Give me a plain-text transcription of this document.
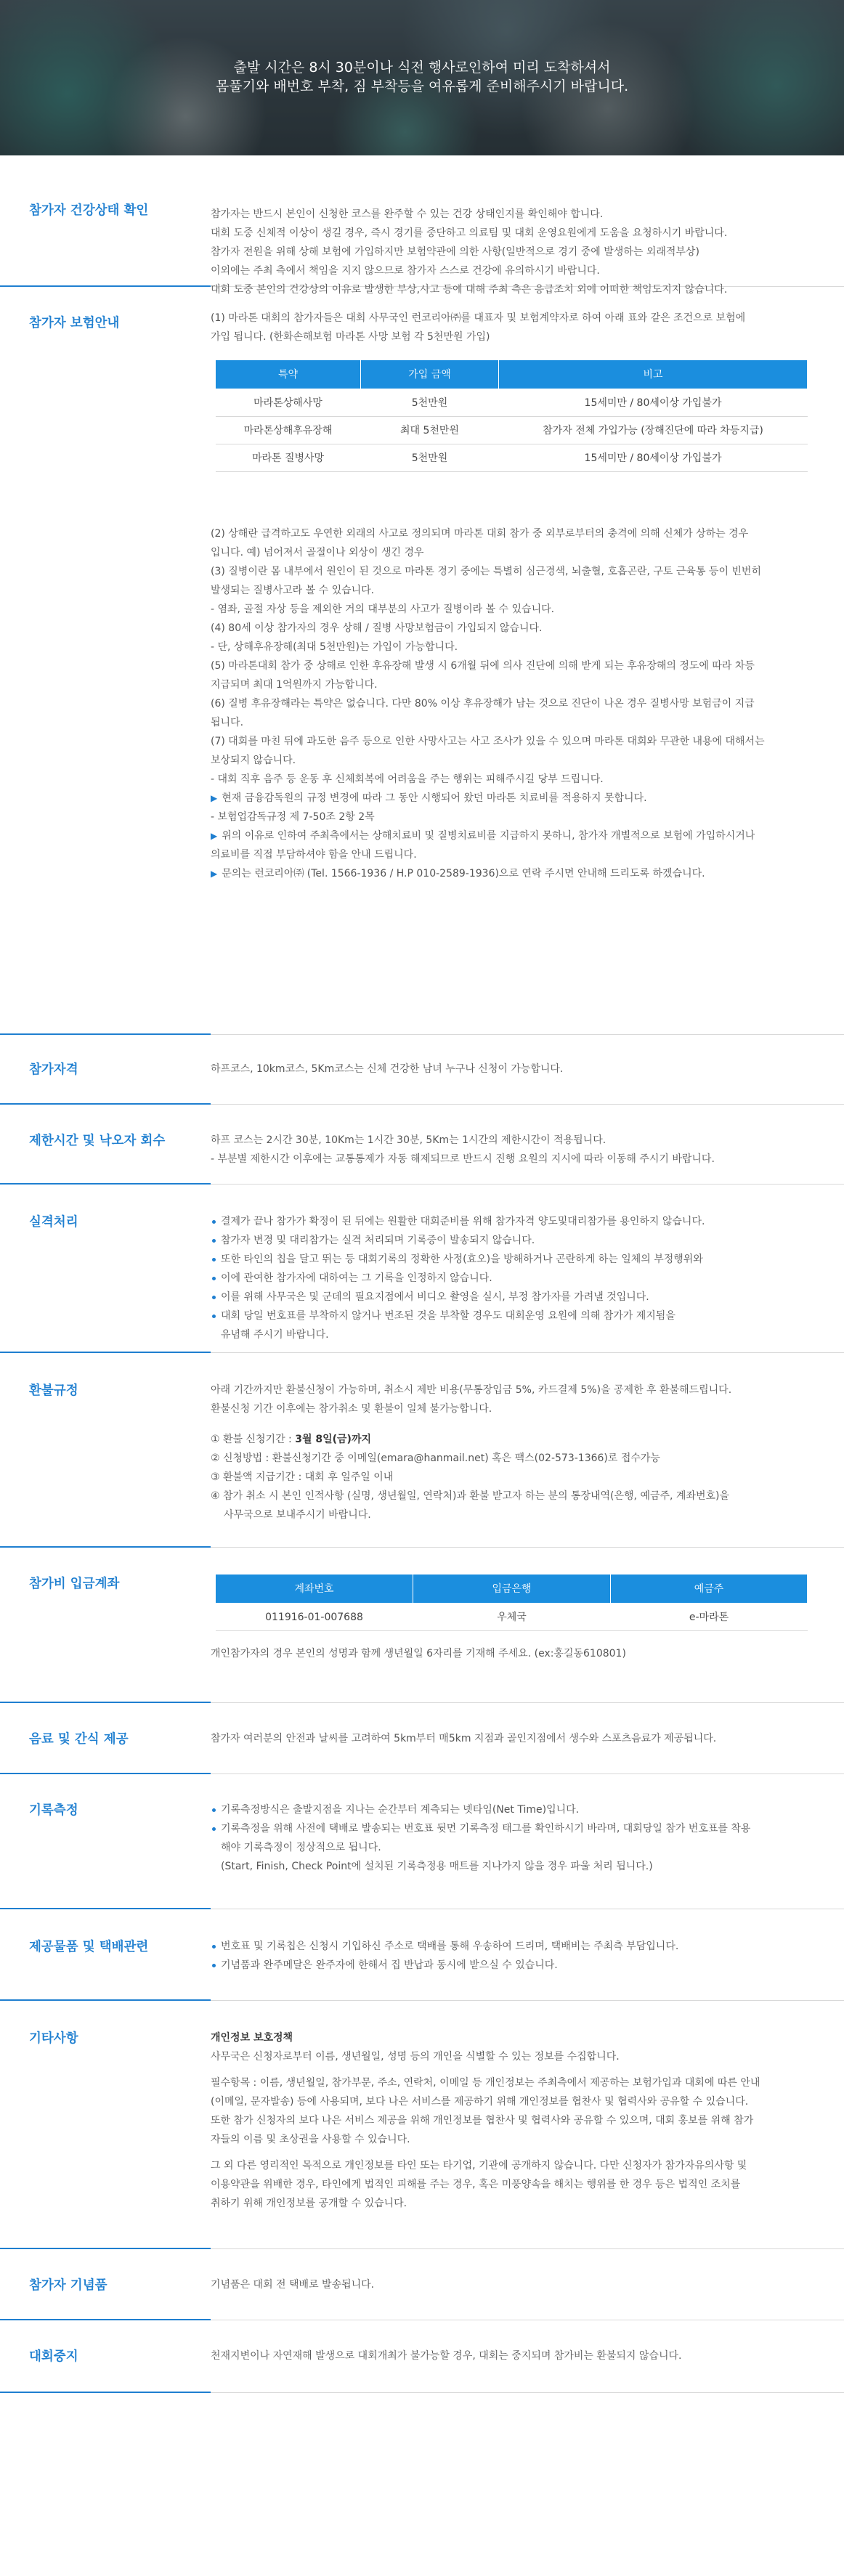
출발 시간은 8시 30분이나 식전 행사로인하여 미리 도착하셔서
몸풀기와 배번호 부착, 짐 부착등을 여유롭게 준비해주시기 바랍니다.
참가자 건강상태 확인	참가자는 반드시 본인이 신청한 코스를 완주할 수 있는 건강 상태인지를 확인해야 합니다.

대회 도중 신체적 이상이 생길 경우, 즉시 경기를 중단하고 의료팀 및 대회 운영요원에게 도움을 요청하시기 바랍니다.

참가자 전원을 위해 상해 보험에 가입하지만 보험약관에 의한 사항(일반적으로 경기 중에 발생하는 외래적부상)

이외에는 주최 측에서 책임을 지지 않으므로 참가자 스스로 건강에 유의하시기 바랍니다.

대회 도중 본인의 건강상의 이유로 발생한 부상,사고 등에 대해 주최 측은 응급조치 외에 어떠한 책임도지지 않습니다.

참가자 보험안내	(1) 마라톤 대회의 참가자들은 대회 사무국인 런코리아㈜를 대표자 및 보험계약자로 하여 아래 표와 같은 조건으로 보험에

가입 됩니다. (한화손해보험 마라톤 사망 보험 각 5천만원 가입)

특약	가입 금액	비고
마라톤상해사망	5천만원	15세미만 / 80세이상 가입불가
마라톤상해후유장해	최대 5천만원	참가자 전체 가입가능 (장해진단에 따라 차등지급)
마라톤 질병사망	5천만원	15세미만 / 80세이상 가입불가

(2) 상해란 급격하고도 우연한 외래의 사고로 정의되며 마라톤 대회 참가 중 외부로부터의 충격에 의해 신체가 상하는 경우

입니다. 예) 넘어져서 골절이나 외상이 생긴 경우

(3) 질병이란 몸 내부에서 원인이 된 것으로 마라톤 경기 중에는 특별히 심근경색, 뇌출혈, 호흡곤란, 구토 근육통 등이 빈번히

발생되는 질병사고라 볼 수 있습니다.

- 염좌, 골절 자상 등을 제외한 거의 대부분의 사고가 질병이라 볼 수 있습니다.

(4) 80세 이상 참가자의 경우 상해 / 질병 사망보험금이 가입되지 않습니다.

- 단, 상해후유장해(최대 5천만원)는 가입이 가능합니다.

(5) 마라톤대회 참가 중 상해로 인한 후유장해 발생 시 6개월 뒤에 의사 진단에 의해 받게 되는 후유장해의 정도에 따라 차등

지급되며 최대 1억원까지 가능합니다.

(6) 질병 후유장해라는 특약은 없습니다. 다만 80% 이상 후유장해가 남는 것으로 진단이 나온 경우 질병사망 보험금이 지급

됩니다.

(7) 대회를 마친 뒤에 과도한 음주 등으로 인한 사망사고는 사고 조사가 있을 수 있으며 마라톤 대회와 무관한 내용에 대해서는

보상되지 않습니다.

- 대회 직후 음주 등 운동 후 신체회복에 어려움을 주는 행위는 피해주시길 당부 드립니다.

▶ 현재 금융감독원의 규정 변경에 따라 그 동안 시행되어 왔던 마라톤 치료비를 적용하지 못합니다.

- 보험업감독규정 제 7-50조 2항 2목

▶ 위의 이유로 인하여 주최측에서는 상해치료비 및 질병치료비를 지급하지 못하니, 참가자 개별적으로 보험에 가입하시거나

의료비를 직접 부담하셔야 함을 안내 드립니다.

▶ 문의는 런코리아㈜ (Tel. 1566-1936 / H.P 010-2589-1936)으로 연락 주시면 안내해 드리도록 하겠습니다.

참가자격	하프코스, 10km코스, 5Km코스는 신체 건강한 남녀 누구나 신청이 가능합니다.

제한시간 및 낙오자 회수	하프 코스는 2시간 30분, 10Km는 1시간 30분, 5Km는 1시간의 제한시간이 적용됩니다.

- 부분별 제한시간 이후에는 교통통제가 자동 해제되므로 반드시 진행 요원의 지시에 따라 이동해 주시기 바랍니다.

실격처리	결제가 끝나 참가가 확정이 된 뒤에는 원활한 대회준비를 위해 참가자격 양도및대리참가를 용인하지 않습니다.

참가자 변경 및 대리참가는 실격 처리되며 기록증이 발송되지 않습니다.

또한 타인의 칩을 달고 뛰는 등 대회기록의 정확한 사정(효오)을 방해하거나 곤란하게 하는 일체의 부정행위와

이에 관여한 참가자에 대하여는 그 기록을 인정하지 않습니다.

이를 위해 사무국은 및 군데의 필요지점에서 비디오 촬영을 실시, 부정 참가자를 가려낼 것입니다.

대회 당일 번호표를 부착하지 않거나 번조된 것을 부착할 경우도 대회운영 요원에 의해 참가가 제지됨을

유념해 주시기 바랍니다.

환불규정	아래 기간까지만 환불신청이 가능하며, 취소시 제반 비용(무통장입금 5%, 카드결제 5%)을 공제한 후 환불해드립니다.

환불신청 기간 이후에는 참가취소 및 환불이 일체 불가능합니다.

① 환불 신청기간 : 3월 8일(금)까지

② 신청방법 : 환불신청기간 중 이메일(emara@hanmail.net) 혹은 팩스(02-573-1366)로 접수가능

③ 환불액 지급기간 : 대회 후 일주일 이내

④ 참가 취소 시 본인 인적사항 (실명, 생년월일, 연락처)과 환불 받고자 하는 분의 통장내역(은행, 예금주, 계좌번호)을

사무국으로 보내주시기 바랍니다.

참가비 입금계좌	계좌번호	입금은행	예금주
011916-01-007688	우체국	e-마라톤

개인참가자의 경우 본인의 성명과 함께 생년월일 6자리를 기재해 주세요. (ex:홍길동610801)

음료 및 간식 제공	참가자 여러분의 안전과 날씨를 고려하여 5km부터 매5km 지점과 골인지점에서 생수와 스포츠음료가 제공됩니다.

기록측정	기록측정방식은 출발지점을 지나는 순간부터 계측되는 넷타임(Net Time)입니다.

기록측정을 위해 사전에 택배로 발송되는 번호표 뒷면 기록측정 태그를 확인하시기 바라며, 대회당일 참가 번호표를 착용

해야 기록측정이 정상적으로 됩니다.

(Start, Finish, Check Point에 설치된 기록측정용 매트를 지나가지 않을 경우 파울 처리 됩니다.)

제공물품 및 택배관련	번호표 및 기록칩은 신청시 기입하신 주소로 택배를 통해 우송하여 드리며, 택배비는 주최측 부담입니다.

기념품과 완주메달은 완주자에 한해서 집 반납과 동시에 받으실 수 있습니다.

기타사항	개인정보 보호정책

사무국은 신청자로부터 이름, 생년월일, 성명 등의 개인을 식별할 수 있는 정보를 수집합니다.

필수항목 : 이름, 생년월일, 참가부문, 주소, 연락처, 이메일 등 개인정보는 주최측에서 제공하는 보험가입과 대회에 따른 안내

(이메일, 문자발송) 등에 사용되며, 보다 나은 서비스를 제공하기 위해 개인정보를 협찬사 및 협력사와 공유할 수 있습니다.

또한 참가 신청자의 보다 나은 서비스 제공을 위해 개인정보를 협찬사 및 협력사와 공유할 수 있으며, 대회 홍보를 위해 참가

자들의 이름 및 초상권을 사용할 수 있습니다.

그 외 다른 영리적인 목적으로 개인정보를 타인 또는 타기업, 기관에 공개하지 않습니다. 다만 신청자가 참가자유의사항 및

이용약관을 위배한 경우, 타인에게 법적인 피해를 주는 경우, 혹은 미풍양속을 해치는 행위를 한 경우 등은 법적인 조치를

취하기 위해 개인정보를 공개할 수 있습니다.

참가자 기념품	기념품은 대회 전 택배로 발송됩니다.

대회중지	천재지변이나 자연재해 발생으로 대회개최가 불가능할 경우, 대회는 중지되며 참가비는 환불되지 않습니다.
